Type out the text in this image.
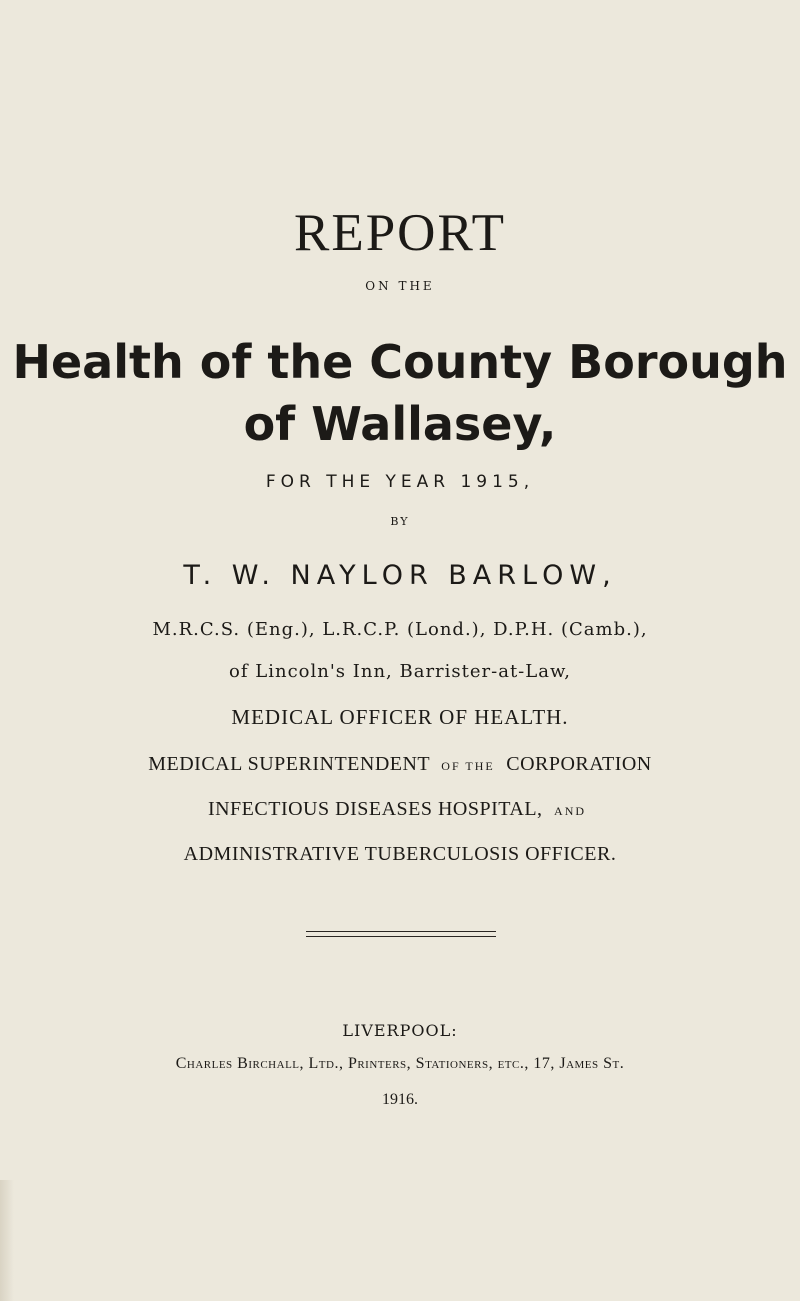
REPORT
ON THE
Health of the County Borough
of Wallasey,
FOR THE YEAR 1915,
BY
T. W. NAYLOR BARLOW,
M.R.C.S. (Eng.), L.R.C.P. (Lond.), D.P.H. (Camb.),
of Lincoln's Inn, Barrister-at-Law,
MEDICAL OFFICER OF HEALTH.
MEDICAL SUPERINTENDENT OF THE CORPORATION
INFECTIOUS DISEASES HOSPITAL, AND
ADMINISTRATIVE TUBERCULOSIS OFFICER.
LIVERPOOL:
Charles Birchall, Ltd., Printers, Stationers, etc., 17, James St.
1916.
